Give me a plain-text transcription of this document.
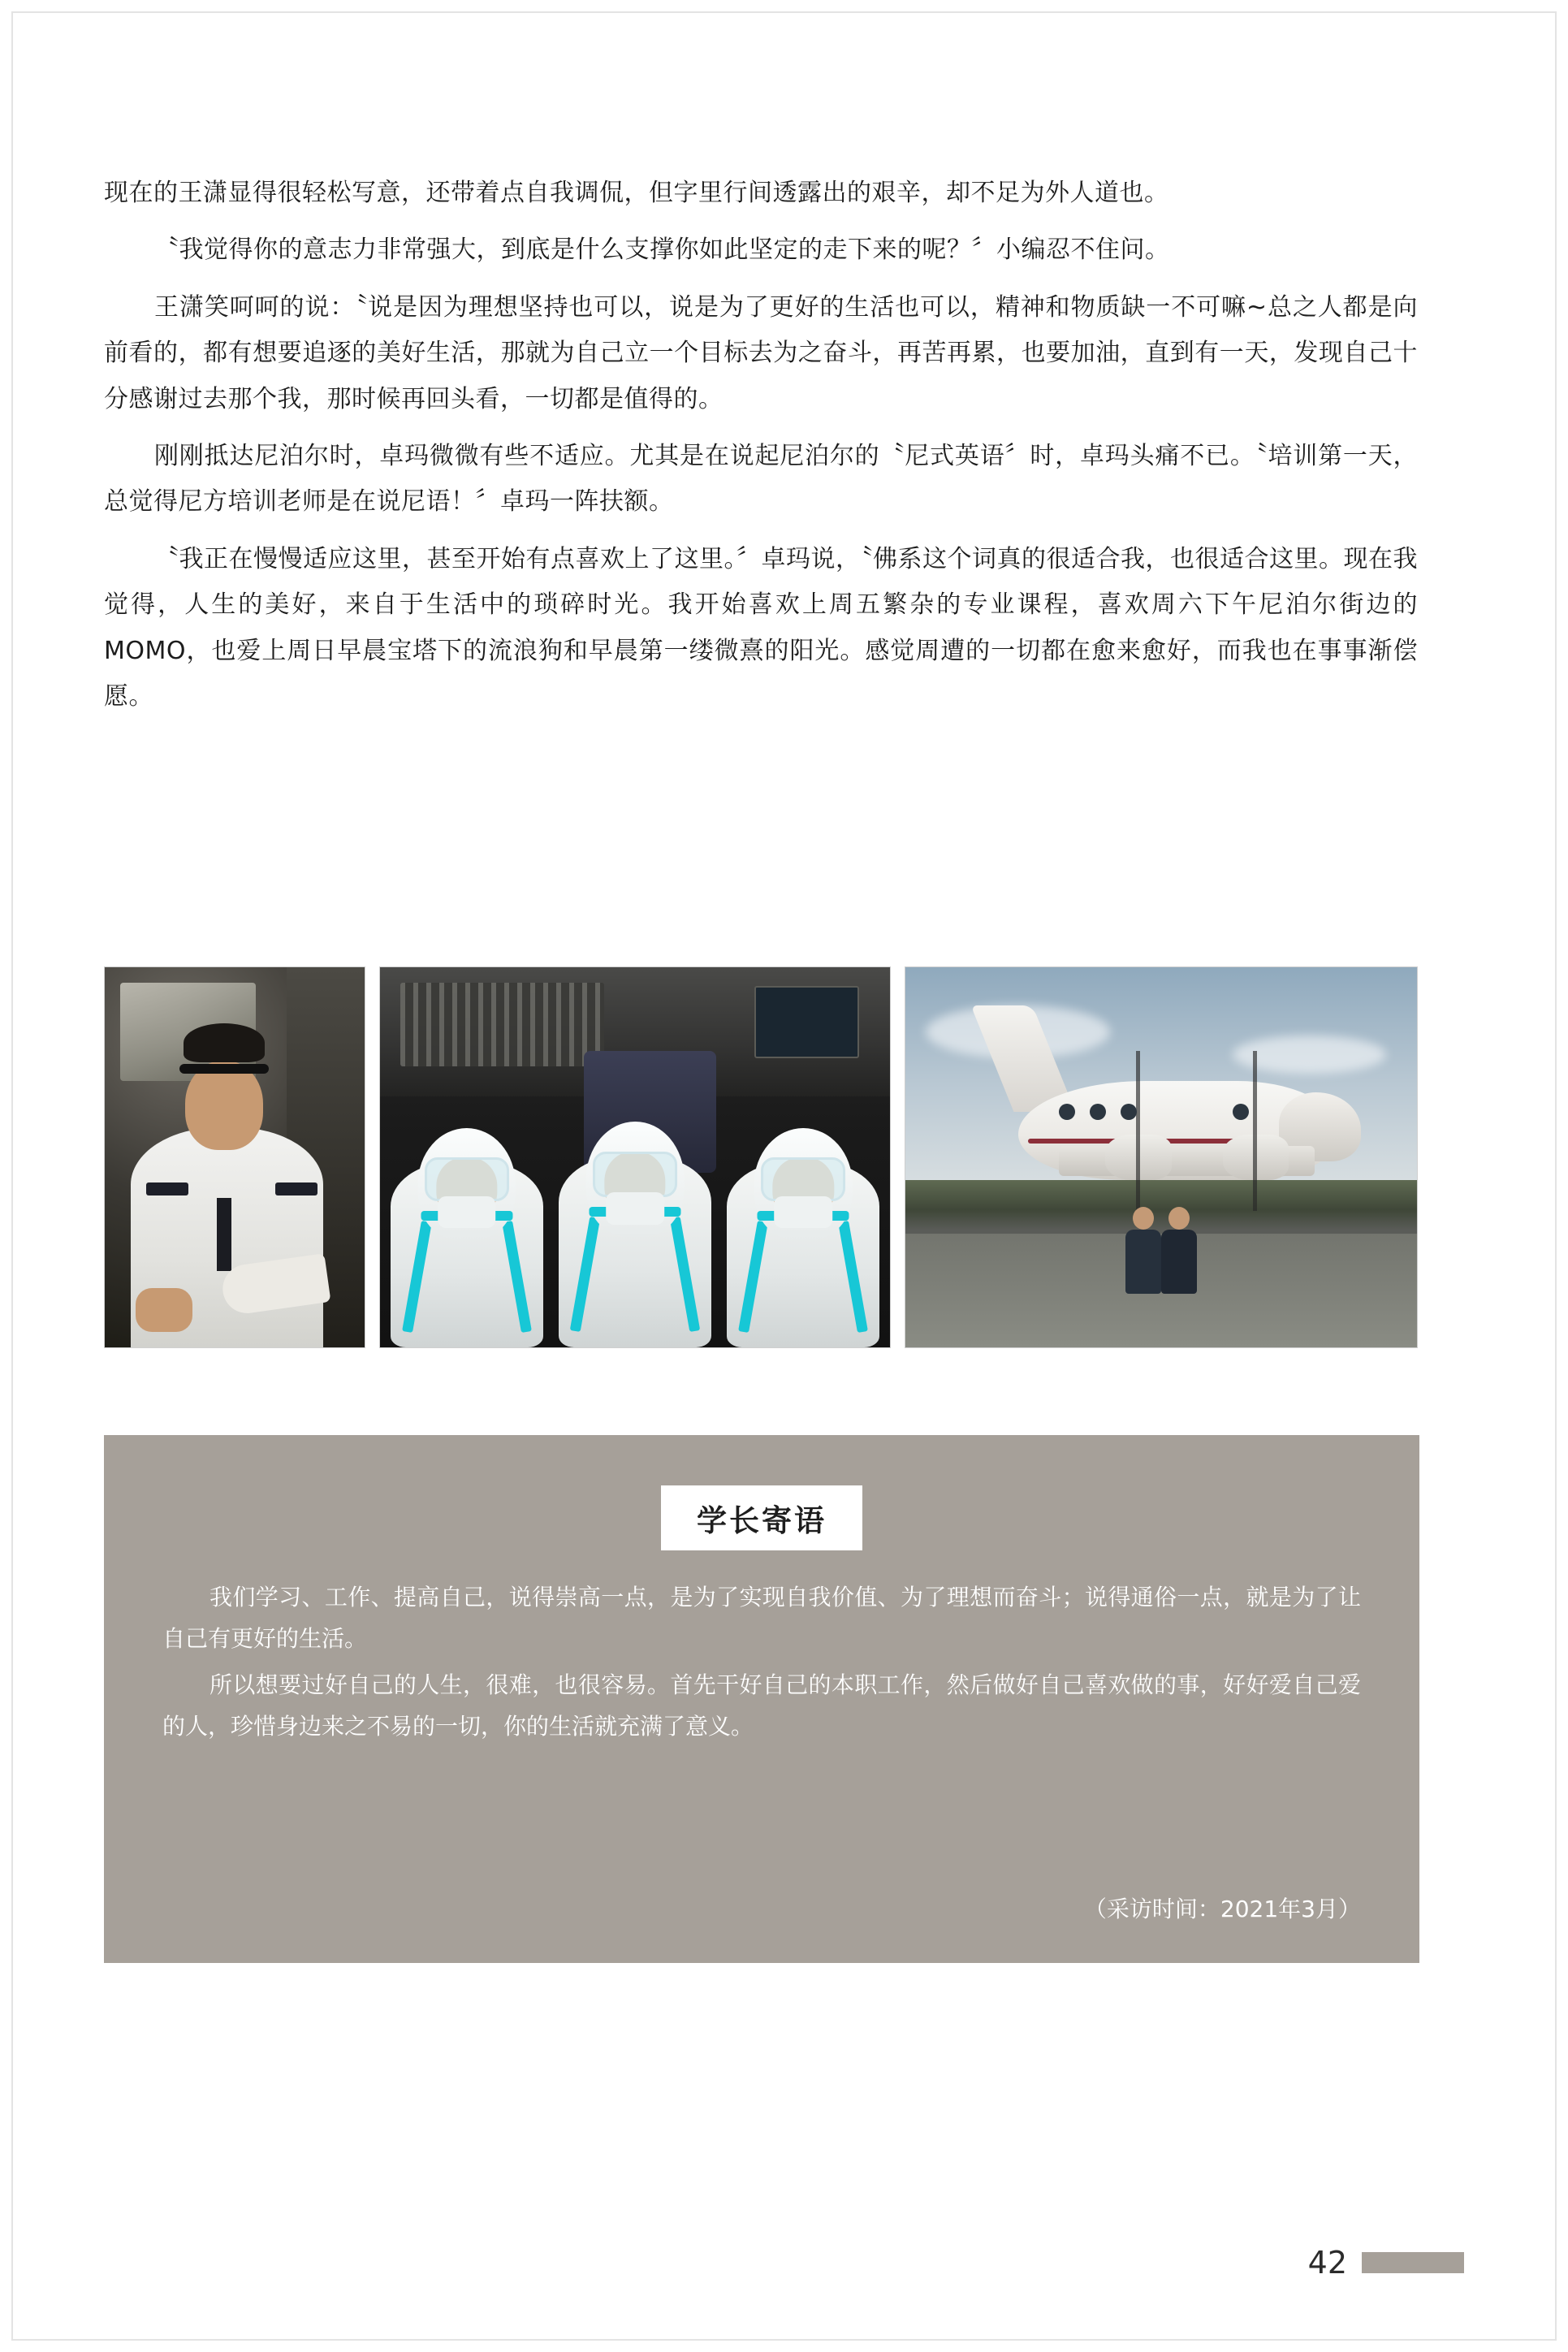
现在的王潇显得很轻松写意，还带着点自我调侃，但字里行间透露出的艰辛，却不足为外人道也。

〝我觉得你的意志力非常强大，到底是什么支撑你如此坚定的走下来的呢？〞小编忍不住问。

王潇笑呵呵的说：〝说是因为理想坚持也可以，说是为了更好的生活也可以，精神和物质缺一不可嘛~总之人都是向前看的，都有想要追逐的美好生活，那就为自己立一个目标去为之奋斗，再苦再累，也要加油，直到有一天，发现自己十分感谢过去那个我，那时候再回头看，一切都是值得的。

刚刚抵达尼泊尔时，卓玛微微有些不适应。尤其是在说起尼泊尔的〝尼式英语〞时，卓玛头痛不已。〝培训第一天，总觉得尼方培训老师是在说尼语！〞卓玛一阵扶额。

〝我正在慢慢适应这里，甚至开始有点喜欢上了这里。〞卓玛说，〝佛系这个词真的很适合我，也很适合这里。现在我觉得，人生的美好，来自于生活中的琐碎时光。我开始喜欢上周五繁杂的专业课程，喜欢周六下午尼泊尔街边的MOMO，也爱上周日早晨宝塔下的流浪狗和早晨第一缕微熹的阳光。感觉周遭的一切都在愈来愈好，而我也在事事渐偿愿。

学长寄语

我们学习、工作、提高自己，说得崇高一点，是为了实现自我价值、为了理想而奋斗；说得通俗一点，就是为了让自己有更好的生活。

所以想要过好自己的人生，很难，也很容易。首先干好自己的本职工作，然后做好自己喜欢做的事，好好爱自己爱的人，珍惜身边来之不易的一切，你的生活就充满了意义。

（采访时间：2021年3月）
42
